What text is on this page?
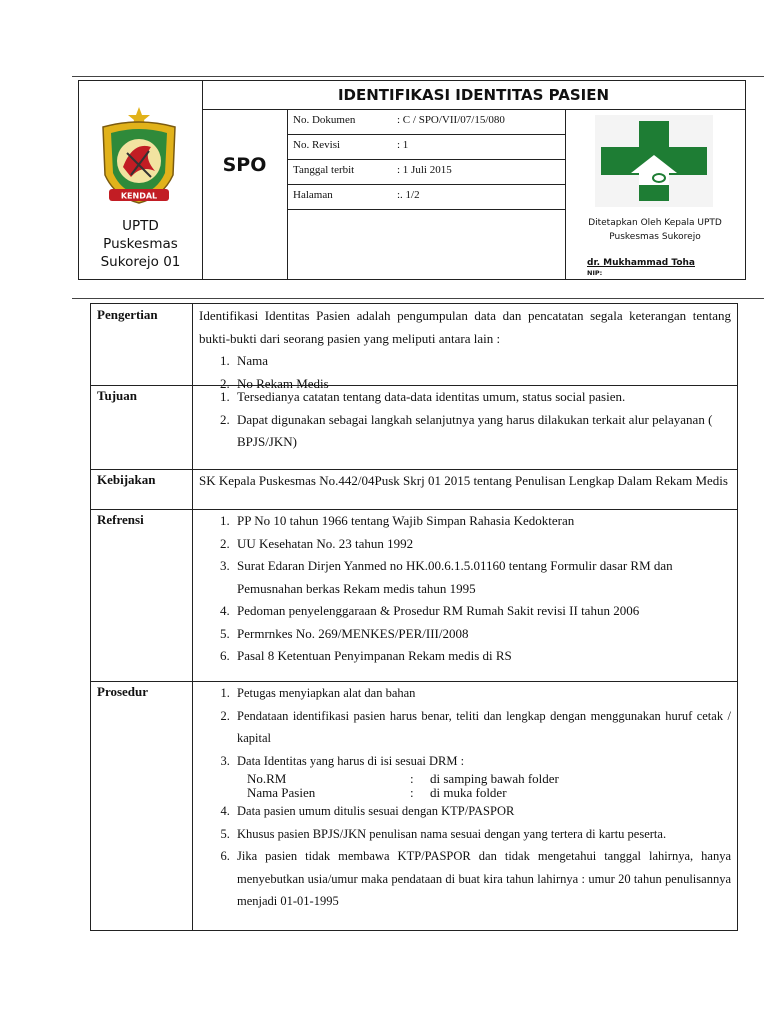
KENDAL
UPTD
Puskesmas
Sukorejo 01
IDENTIFIKASI IDENTITAS PASIEN
SPO
No. Dokumen	: C / SPO/VII/07/15/080
No. Revisi	: 1
Tanggal terbit	: 1 Juli 2015
Halaman	:. 1/2
Ditetapkan Oleh Kepala UPTD
Puskesmas Sukorejo
dr. Mukhammad Toha
NIP:
Pengertian	Identifikasi Identitas Pasien adalah pengumpulan data dan pencatatan segala keterangan tentang bukti-bukti dari seorang pasien yang meliputi antara lain :

1. Nama
2. No Rekam Medis
Tujuan	1. Tersedianya catatan tentang data-data identitas umum, status social pasien.
2. Dapat digunakan sebagai langkah selanjutnya yang harus dilakukan terkait alur pelayanan ( BPJS/JKN)
Kebijakan	SK Kepala Puskesmas No.442/04Pusk Skrj 01 2015 tentang Penulisan Lengkap Dalam Rekam Medis

Refrensi	1. PP No 10 tahun 1966 tentang Wajib Simpan Rahasia Kedokteran
2. UU Kesehatan No. 23 tahun 1992
3. Surat Edaran Dirjen Yanmed no HK.00.6.1.5.01160 tentang Formulir dasar RM dan Pemusnahan berkas Rekam medis tahun 1995
4. Pedoman penyelenggaraan & Prosedur RM Rumah Sakit revisi II tahun 2006
5. Permrnkes No. 269/MENKES/PER/III/2008
6. Pasal 8 Ketentuan Penyimpanan Rekam medis di RS
Prosedur	1. Petugas menyiapkan alat dan bahan
2. Pendataan identifikasi pasien harus benar, teliti dan lengkap dengan menggunakan huruf cetak / kapital
3. Data Identitas yang harus di isi sesuai DRM :
No.RM	: di samping bawah folder
Nama Pasien	: di muka folder
4. Data pasien umum ditulis sesuai dengan KTP/PASPOR
5. Khusus pasien BPJS/JKN penulisan nama sesuai dengan yang tertera di kartu peserta.
6. Jika pasien tidak membawa KTP/PASPOR dan tidak mengetahui tanggal lahirnya, hanya menyebutkan usia/umur maka pendataan di buat kira tahun lahirnya : umur 20 tahun penulisannya menjadi 01-01-1995
